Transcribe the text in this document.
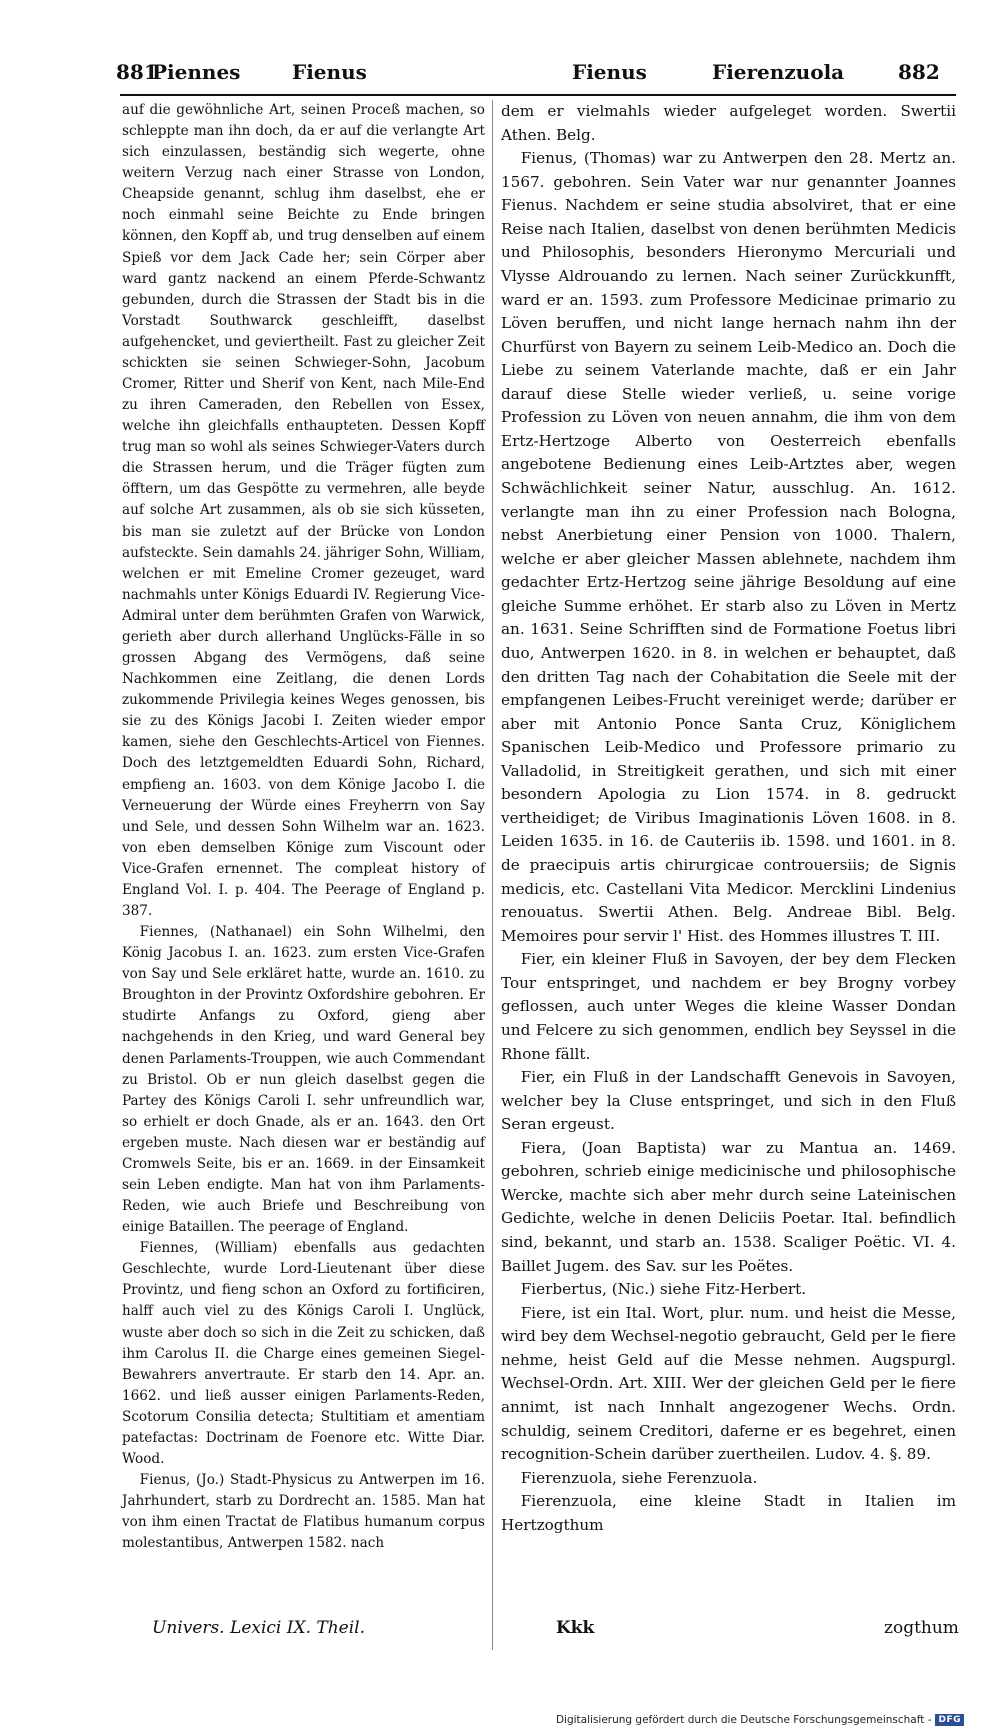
881
Piennes	Fienus	Fienus	Fierenzuola	882

auf die gewöhnliche Art, seinen Proceß machen, so schleppte man ihn doch, da er auf die verlangte Art sich einzulassen, beständig sich wegerte, ohne weitern Verzug nach einer Strasse von London, Cheapside genannt, schlug ihm daselbst, ehe er noch einmahl seine Beichte zu Ende bringen können, den Kopff ab, und trug denselben auf einem Spieß vor dem Jack Cade her; sein Cörper aber ward gantz nackend an einem Pferde-Schwantz gebunden, durch die Strassen der Stadt bis in die Vorstadt Southwarck geschleifft, daselbst aufgehencket, und geviertheilt. Fast zu gleicher Zeit schickten sie seinen Schwieger-Sohn, Jacobum Cromer, Ritter und Sherif von Kent, nach Mile-End zu ihren Cameraden, den Rebellen von Essex, welche ihn gleichfalls enthaupteten. Dessen Kopff trug man so wohl als seines Schwieger-Vaters durch die Strassen herum, und die Träger fügten zum öfftern, um das Gespötte zu vermehren, alle beyde auf solche Art zusammen, als ob sie sich küsseten, bis man sie zuletzt auf der Brücke von London aufsteckte. Sein damahls 24. jähriger Sohn, William, welchen er mit Emeline Cromer gezeuget, ward nachmahls unter Königs Eduardi IV. Regierung Vice-Admiral unter dem berühmten Grafen von Warwick, gerieth aber durch allerhand Unglücks-Fälle in so grossen Abgang des Vermögens, daß seine Nachkommen eine Zeitlang, die denen Lords zukommende Privilegia keines Weges genossen, bis sie zu des Königs Jacobi I. Zeiten wieder empor kamen, siehe den Geschlechts-Articel von Fiennes. Doch des letztgemeldten Eduardi Sohn, Richard, empfieng an. 1603. von dem Könige Jacobo I. die Verneuerung der Würde eines Freyherrn von Say und Sele, und dessen Sohn Wilhelm war an. 1623. von eben demselben Könige zum Viscount oder Vice-Grafen ernennet. The compleat history of England Vol. I. p. 404. The Peerage of England p. 387.

Fiennes, (Nathanael) ein Sohn Wilhelmi, den König Jacobus I. an. 1623. zum ersten Vice-Grafen von Say und Sele erkläret hatte, wurde an. 1610. zu Broughton in der Provintz Oxfordshire gebohren. Er studirte Anfangs zu Oxford, gieng aber nachgehends in den Krieg, und ward General bey denen Parlaments-Trouppen, wie auch Commendant zu Bristol. Ob er nun gleich daselbst gegen die Partey des Königs Caroli I. sehr unfreundlich war, so erhielt er doch Gnade, als er an. 1643. den Ort ergeben muste. Nach diesen war er beständig auf Cromwels Seite, bis er an. 1669. in der Einsamkeit sein Leben endigte. Man hat von ihm Parlaments-Reden, wie auch Briefe und Beschreibung von einige Bataillen. The peerage of England.

Fiennes, (William) ebenfalls aus gedachten Geschlechte, wurde Lord-Lieutenant über diese Provintz, und fieng schon an Oxford zu fortificiren, halff auch viel zu des Königs Caroli I. Unglück, wuste aber doch so sich in die Zeit zu schicken, daß ihm Carolus II. die Charge eines gemeinen Siegel-Bewahrers anvertraute. Er starb den 14. Apr. an. 1662. und ließ ausser einigen Parlaments-Reden, Scotorum Consilia detecta; Stultitiam et amentiam patefactas: Doctrinam de Foenore etc. Witte Diar. Wood.

Fienus, (Jo.) Stadt-Physicus zu Antwerpen im 16. Jahrhundert, starb zu Dordrecht an. 1585. Man hat von ihm einen Tractat de Flatibus humanum corpus molestantibus, Antwerpen 1582. nach

dem er vielmahls wieder aufgeleget worden. Swertii Athen. Belg.

Fienus, (Thomas) war zu Antwerpen den 28. Mertz an. 1567. gebohren. Sein Vater war nur genannter Joannes Fienus. Nachdem er seine studia absolviret, that er eine Reise nach Italien, daselbst von denen berühmten Medicis und Philosophis, besonders Hieronymo Mercuriali und Vlysse Aldrouando zu lernen. Nach seiner Zurückkunfft, ward er an. 1593. zum Professore Medicinae primario zu Löven beruffen, und nicht lange hernach nahm ihn der Churfürst von Bayern zu seinem Leib-Medico an. Doch die Liebe zu seinem Vaterlande machte, daß er ein Jahr darauf diese Stelle wieder verließ, u. seine vorige Profession zu Löven von neuen annahm, die ihm von dem Ertz-Hertzoge Alberto von Oesterreich ebenfalls angebotene Bedienung eines Leib-Artztes aber, wegen Schwächlichkeit seiner Natur, ausschlug. An. 1612. verlangte man ihn zu einer Profession nach Bologna, nebst Anerbietung einer Pension von 1000. Thalern, welche er aber gleicher Massen ablehnete, nachdem ihm gedachter Ertz-Hertzog seine jährige Besoldung auf eine gleiche Summe erhöhet. Er starb also zu Löven in Mertz an. 1631. Seine Schrifften sind de Formatione Foetus libri duo, Antwerpen 1620. in 8. in welchen er behauptet, daß den dritten Tag nach der Cohabitation die Seele mit der empfangenen Leibes-Frucht vereiniget werde; darüber er aber mit Antonio Ponce Santa Cruz, Königlichem Spanischen Leib-Medico und Professore primario zu Valladolid, in Streitigkeit gerathen, und sich mit einer besondern Apologia zu Lion 1574. in 8. gedruckt vertheidiget; de Viribus Imaginationis Löven 1608. in 8. Leiden 1635. in 16. de Cauteriis ib. 1598. und 1601. in 8. de praecipuis artis chirurgicae controuersiis; de Signis medicis, etc. Castellani Vita Medicor. Mercklini Lindenius renouatus. Swertii Athen. Belg. Andreae Bibl. Belg. Memoires pour servir l' Hist. des Hommes illustres T. III.

Fier, ein kleiner Fluß in Savoyen, der bey dem Flecken Tour entspringet, und nachdem er bey Brogny vorbey geflossen, auch unter Weges die kleine Wasser Dondan und Felcere zu sich genommen, endlich bey Seyssel in die Rhone fällt.

Fier, ein Fluß in der Landschafft Genevois in Savoyen, welcher bey la Cluse entspringet, und sich in den Fluß Seran ergeust.

Fiera, (Joan Baptista) war zu Mantua an. 1469. gebohren, schrieb einige medicinische und philosophische Wercke, machte sich aber mehr durch seine Lateinischen Gedichte, welche in denen Deliciis Poetar. Ital. befindlich sind, bekannt, und starb an. 1538. Scaliger Poëtic. VI. 4. Baillet Jugem. des Sav. sur les Poëtes.

Fierbertus, (Nic.) siehe Fitz-Herbert.

Fiere, ist ein Ital. Wort, plur. num. und heist die Messe, wird bey dem Wechsel-negotio gebraucht, Geld per le fiere nehme, heist Geld auf die Messe nehmen. Augspurgl. Wechsel-Ordn. Art. XIII. Wer der gleichen Geld per le fiere annimt, ist nach Innhalt angezogener Wechs. Ordn. schuldig, seinem Creditori, daferne er es begehret, einen recognition-Schein darüber zuertheilen. Ludov. 4. §. 89.

Fierenzuola, siehe Ferenzuola.

Fierenzuola, eine kleine Stadt in Italien im Hertzogthum

Univers. Lexici IX. Theil.	Kkk	zogthum
Digitalisierung gefördert durch die Deutsche Forschungsgemeinschaft - DFG
